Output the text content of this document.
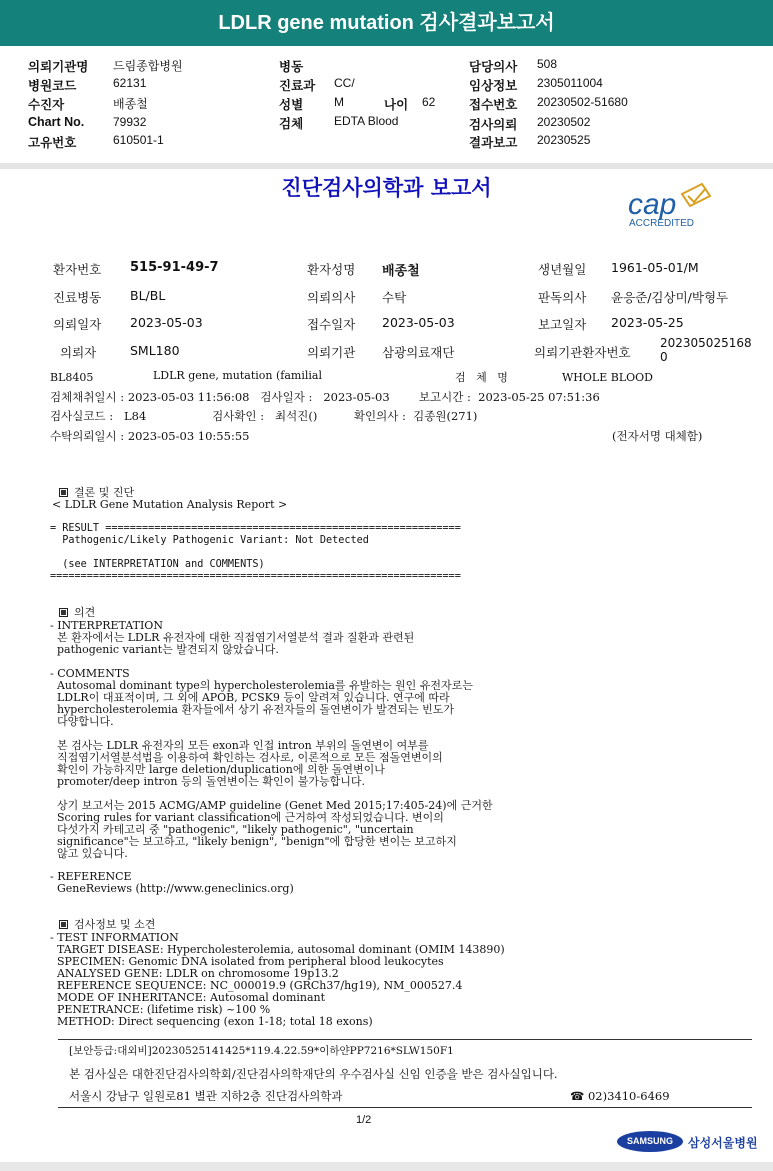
LDLR gene mutation 검사결과보고서
의뢰기관명 드림종합병원
병원코드	62131
수진자	배종철
Chart No. 79932
고유번호	610501-1
병동
진료과 CC/
성별	M	나이 62
검체	EDTA Blood
담당의사 508
임상정보 2305011004
접수번호 20230502-51680
검사의뢰 20230502
결과보고 20230525
진단검사의학과 보고서
cap
ACCREDITED
환자번호 515-91-49-7	환자성명 배종철	생년월일 1961-05-01/M
진료병동 BL/BL	의뢰의사 수탁	판독의사 윤응준/김상미/박형두
의뢰일자 2023-05-03	접수일자 2023-05-03	보고일자 2023-05-25
의뢰자	SML180	의뢰기관 삼광의료재단	의뢰기관환자번호
202305025168
0
BL8405	LDLR gene, mutation (familial	검   체   명	WHOLE BLOOD
검체채취일시 : 2023-05-03 11:56:08   검사일자 :   2023-05-03        보고시간 :  2023-05-25 07:51:36
검사실코드 :   L84                  검사확인 :   최석진()          확인의사 :  김종원(271)
수탁의뢰일시 : 2023-05-03 10:55:55	(전자서명 대체함)

결론 및 진단

< LDLR Gene Mutation Analysis Report >
= RESULT ==========================================================
Pathogenic/Likely Pathogenic Variant: Not Detected

(see INTERPRETATION and COMMENTS)
===================================================================

의견

- INTERPRETATION
본 환자에서는 LDLR 유전자에 대한 직접염기서열분석 결과 질환과 관련된
pathogenic variant는 발견되지 않았습니다.
- COMMENTS
Autosomal dominant type의 hypercholesterolemia를 유발하는 원인 유전자로는
LDLR이 대표적이며, 그 외에 APOB, PCSK9 등이 알려져 있습니다. 연구에 따라
hypercholesterolemia 환자들에서 상기 유전자들의 돌연변이가 발견되는 빈도가
다양합니다.

본 검사는 LDLR 유전자의 모든 exon과 인접 intron 부위의 돌연변이 여부를
직접염기서열분석법을 이용하여 확인하는 검사로, 이론적으로 모든 점돌연변이의
확인이 가능하지만 large deletion/duplication에 의한 돌연변이나
promoter/deep intron 등의 돌연변이는 확인이 불가능합니다.

상기 보고서는 2015 ACMG/AMP guideline (Genet Med 2015;17:405-24)에 근거한
Scoring rules for variant classification에 근거하여 작성되었습니다. 변이의
다섯가지 카테고리 중 "pathogenic", "likely pathogenic", "uncertain
significance"는 보고하고, "likely benign", "benign"에 합당한 변이는 보고하지
않고 있습니다.
- REFERENCE
GeneReviews (http://www.geneclinics.org)

검사정보 및 소견

- TEST INFORMATION
TARGET DISEASE: Hypercholesterolemia, autosomal dominant (OMIM 143890)
SPECIMEN: Genomic DNA isolated from peripheral blood leukocytes
ANALYSED GENE: LDLR on chromosome 19p13.2
REFERENCE SEQUENCE: NC_000019.9 (GRCh37/hg19), NM_000527.4
MODE OF INHERITANCE: Autosomal dominant
PENETRANCE: (lifetime risk) ~100 %
METHOD: Direct sequencing (exon 1-18; total 18 exons)
[보안등급:대외비]20230525141425*119.4.22.59*이하얀PP7216*SLW150F1
본 검사실은 대한진단검사의학회/진단검사의학재단의 우수검사실 신임 인증을 받은 검사실입니다.
서울시 강남구 일원로81 별관 지하2층 진단검사의학과	☎ 02)3410-6469
1/2
SAMSUNG	삼성서울병원
